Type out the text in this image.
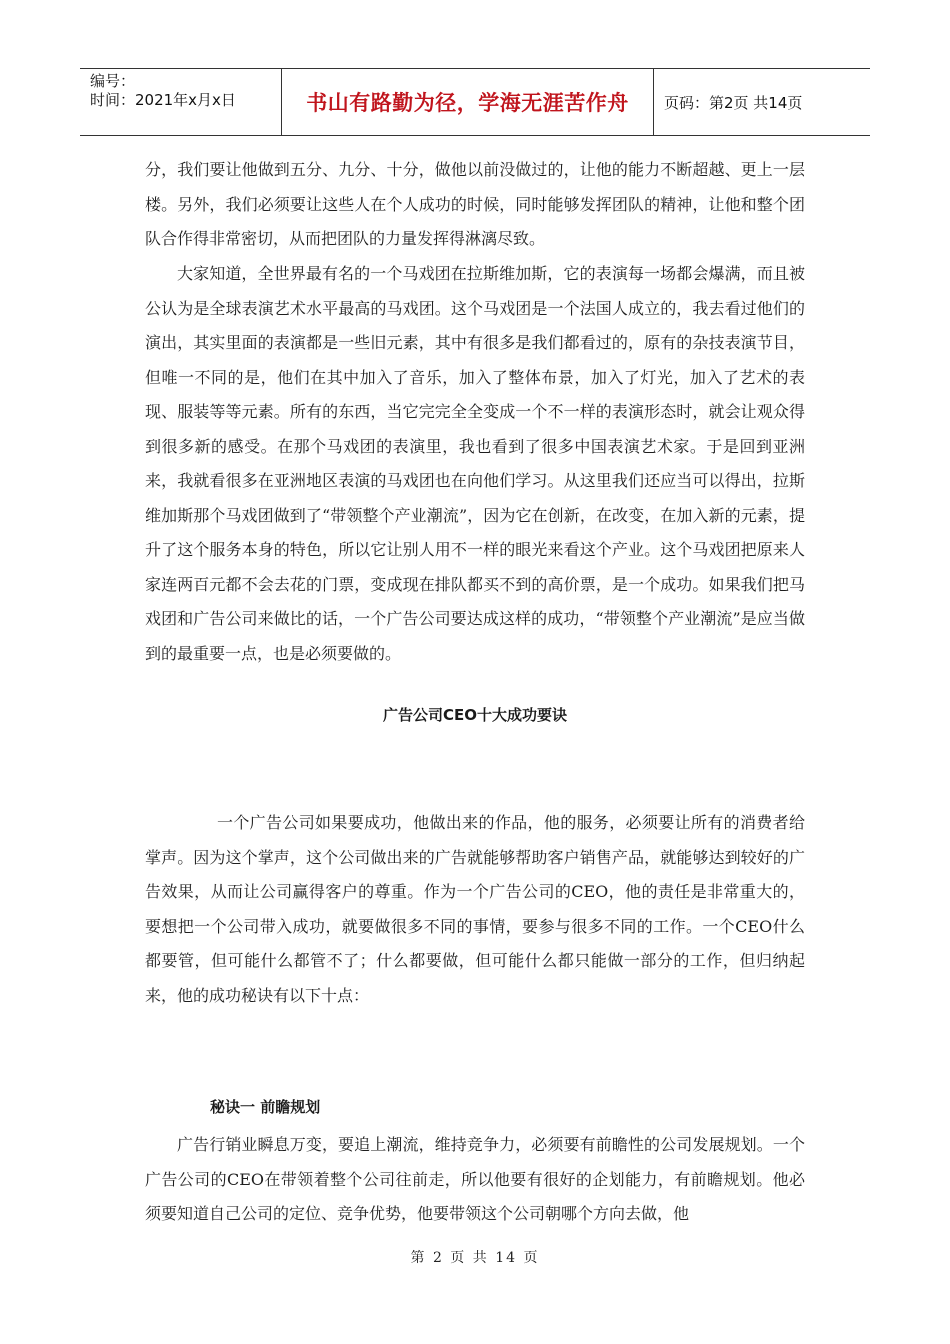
编号：
时间：2021年x月x日	书山有路勤为径，学海无涯苦作舟	页码：第2页 共14页

分，我们要让他做到五分、九分、十分，做他以前没做过的，让他的能力不断超越、更上一层楼。另外，我们必须要让这些人在个人成功的时候，同时能够发挥团队的精神，让他和整个团队合作得非常密切，从而把团队的力量发挥得淋漓尽致。

大家知道，全世界最有名的一个马戏团在拉斯维加斯，它的表演每一场都会爆满，而且被公认为是全球表演艺术水平最高的马戏团。这个马戏团是一个法国人成立的，我去看过他们的演出，其实里面的表演都是一些旧元素，其中有很多是我们都看过的，原有的杂技表演节目，但唯一不同的是，他们在其中加入了音乐，加入了整体布景，加入了灯光，加入了艺术的表现、服装等等元素。所有的东西，当它完完全全变成一个不一样的表演形态时，就会让观众得到很多新的感受。在那个马戏团的表演里，我也看到了很多中国表演艺术家。于是回到亚洲来，我就看很多在亚洲地区表演的马戏团也在向他们学习。从这里我们还应当可以得出，拉斯维加斯那个马戏团做到了“带领整个产业潮流”，因为它在创新，在改变，在加入新的元素，提升了这个服务本身的特色，所以它让别人用不一样的眼光来看这个产业。这个马戏团把原来人家连两百元都不会去花的门票，变成现在排队都买不到的高价票，是一个成功。如果我们把马戏团和广告公司来做比的话，一个广告公司要达成这样的成功，“带领整个产业潮流”是应当做到的最重要一点，也是必须要做的。

广告公司CEO十大成功要诀

一个广告公司如果要成功，他做出来的作品，他的服务，必须要让所有的消费者给掌声。因为这个掌声，这个公司做出来的广告就能够帮助客户销售产品，就能够达到较好的广告效果，从而让公司赢得客户的尊重。作为一个广告公司的CEO，他的责任是非常重大的，要想把一个公司带入成功，就要做很多不同的事情，要参与很多不同的工作。一个CEO什么都要管，但可能什么都管不了；什么都要做，但可能什么都只能做一部分的工作，但归纳起来，他的成功秘诀有以下十点：

秘诀一 前瞻规划

广告行销业瞬息万变，要追上潮流，维持竞争力，必须要有前瞻性的公司发展规划。一个广告公司的CEO在带领着整个公司往前走，所以他要有很好的企划能力，有前瞻规划。他必须要知道自己公司的定位、竞争优势，他要带领这个公司朝哪个方向去做，他

第 2 页 共 14 页
